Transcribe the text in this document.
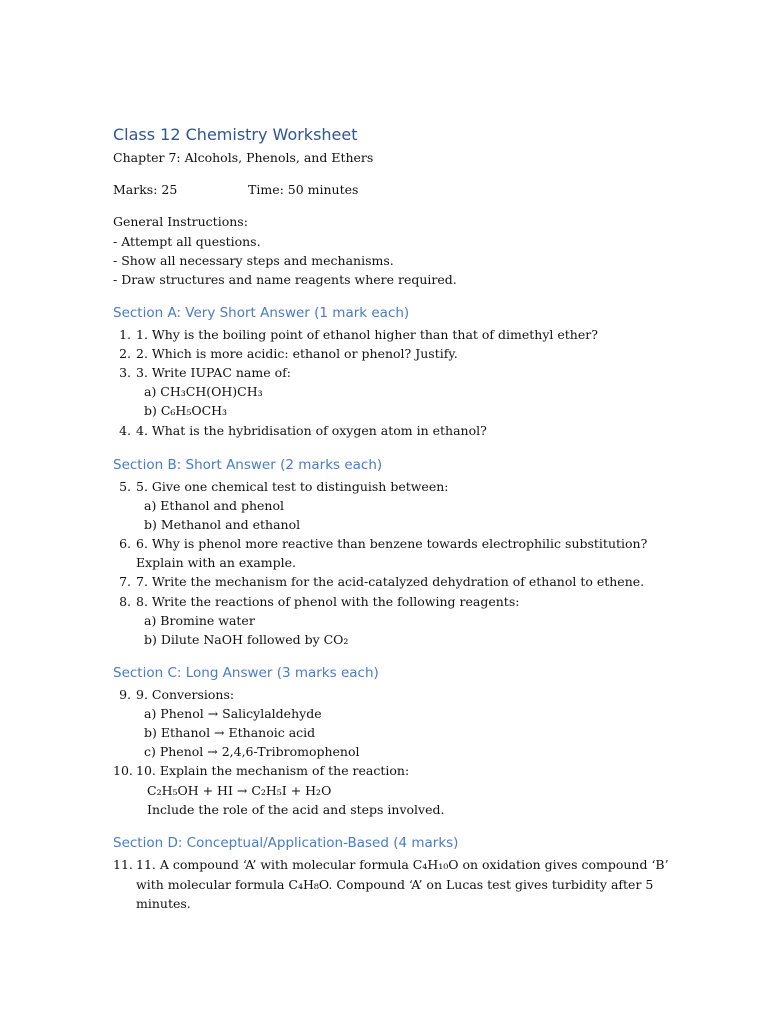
Class 12 Chemistry Worksheet
Chapter 7: Alcohols, Phenols, and Ethers
Marks: 25	Time: 50 minutes
General Instructions:
- Attempt all questions.
- Show all necessary steps and mechanisms.
- Draw structures and name reagents where required.
Section A: Very Short Answer (1 mark each)
1. 1. Why is the boiling point of ethanol higher than that of dimethyl ether?
2. 2. Which is more acidic: ethanol or phenol? Justify.
3. 3. Write IUPAC name of:
a) CH₃CH(OH)CH₃
b) C₆H₅OCH₃
4. 4. What is the hybridisation of oxygen atom in ethanol?
Section B: Short Answer (2 marks each)
5. 5. Give one chemical test to distinguish between:
a) Ethanol and phenol
b) Methanol and ethanol
6. 6. Why is phenol more reactive than benzene towards electrophilic substitution?
Explain with an example.
7. 7. Write the mechanism for the acid-catalyzed dehydration of ethanol to ethene.
8. 8. Write the reactions of phenol with the following reagents:
a) Bromine water
b) Dilute NaOH followed by CO₂
Section C: Long Answer (3 marks each)
9. 9. Conversions:
a) Phenol → Salicylaldehyde
b) Ethanol → Ethanoic acid
c) Phenol → 2,4,6-Tribromophenol
10. 10. Explain the mechanism of the reaction:
C₂H₅OH + HI → C₂H₅I + H₂O
Include the role of the acid and steps involved.
Section D: Conceptual/Application-Based (4 marks)
11. 11. A compound ‘A’ with molecular formula C₄H₁₀O on oxidation gives compound ‘B’
with molecular formula C₄H₈O. Compound ‘A’ on Lucas test gives turbidity after 5
minutes.
